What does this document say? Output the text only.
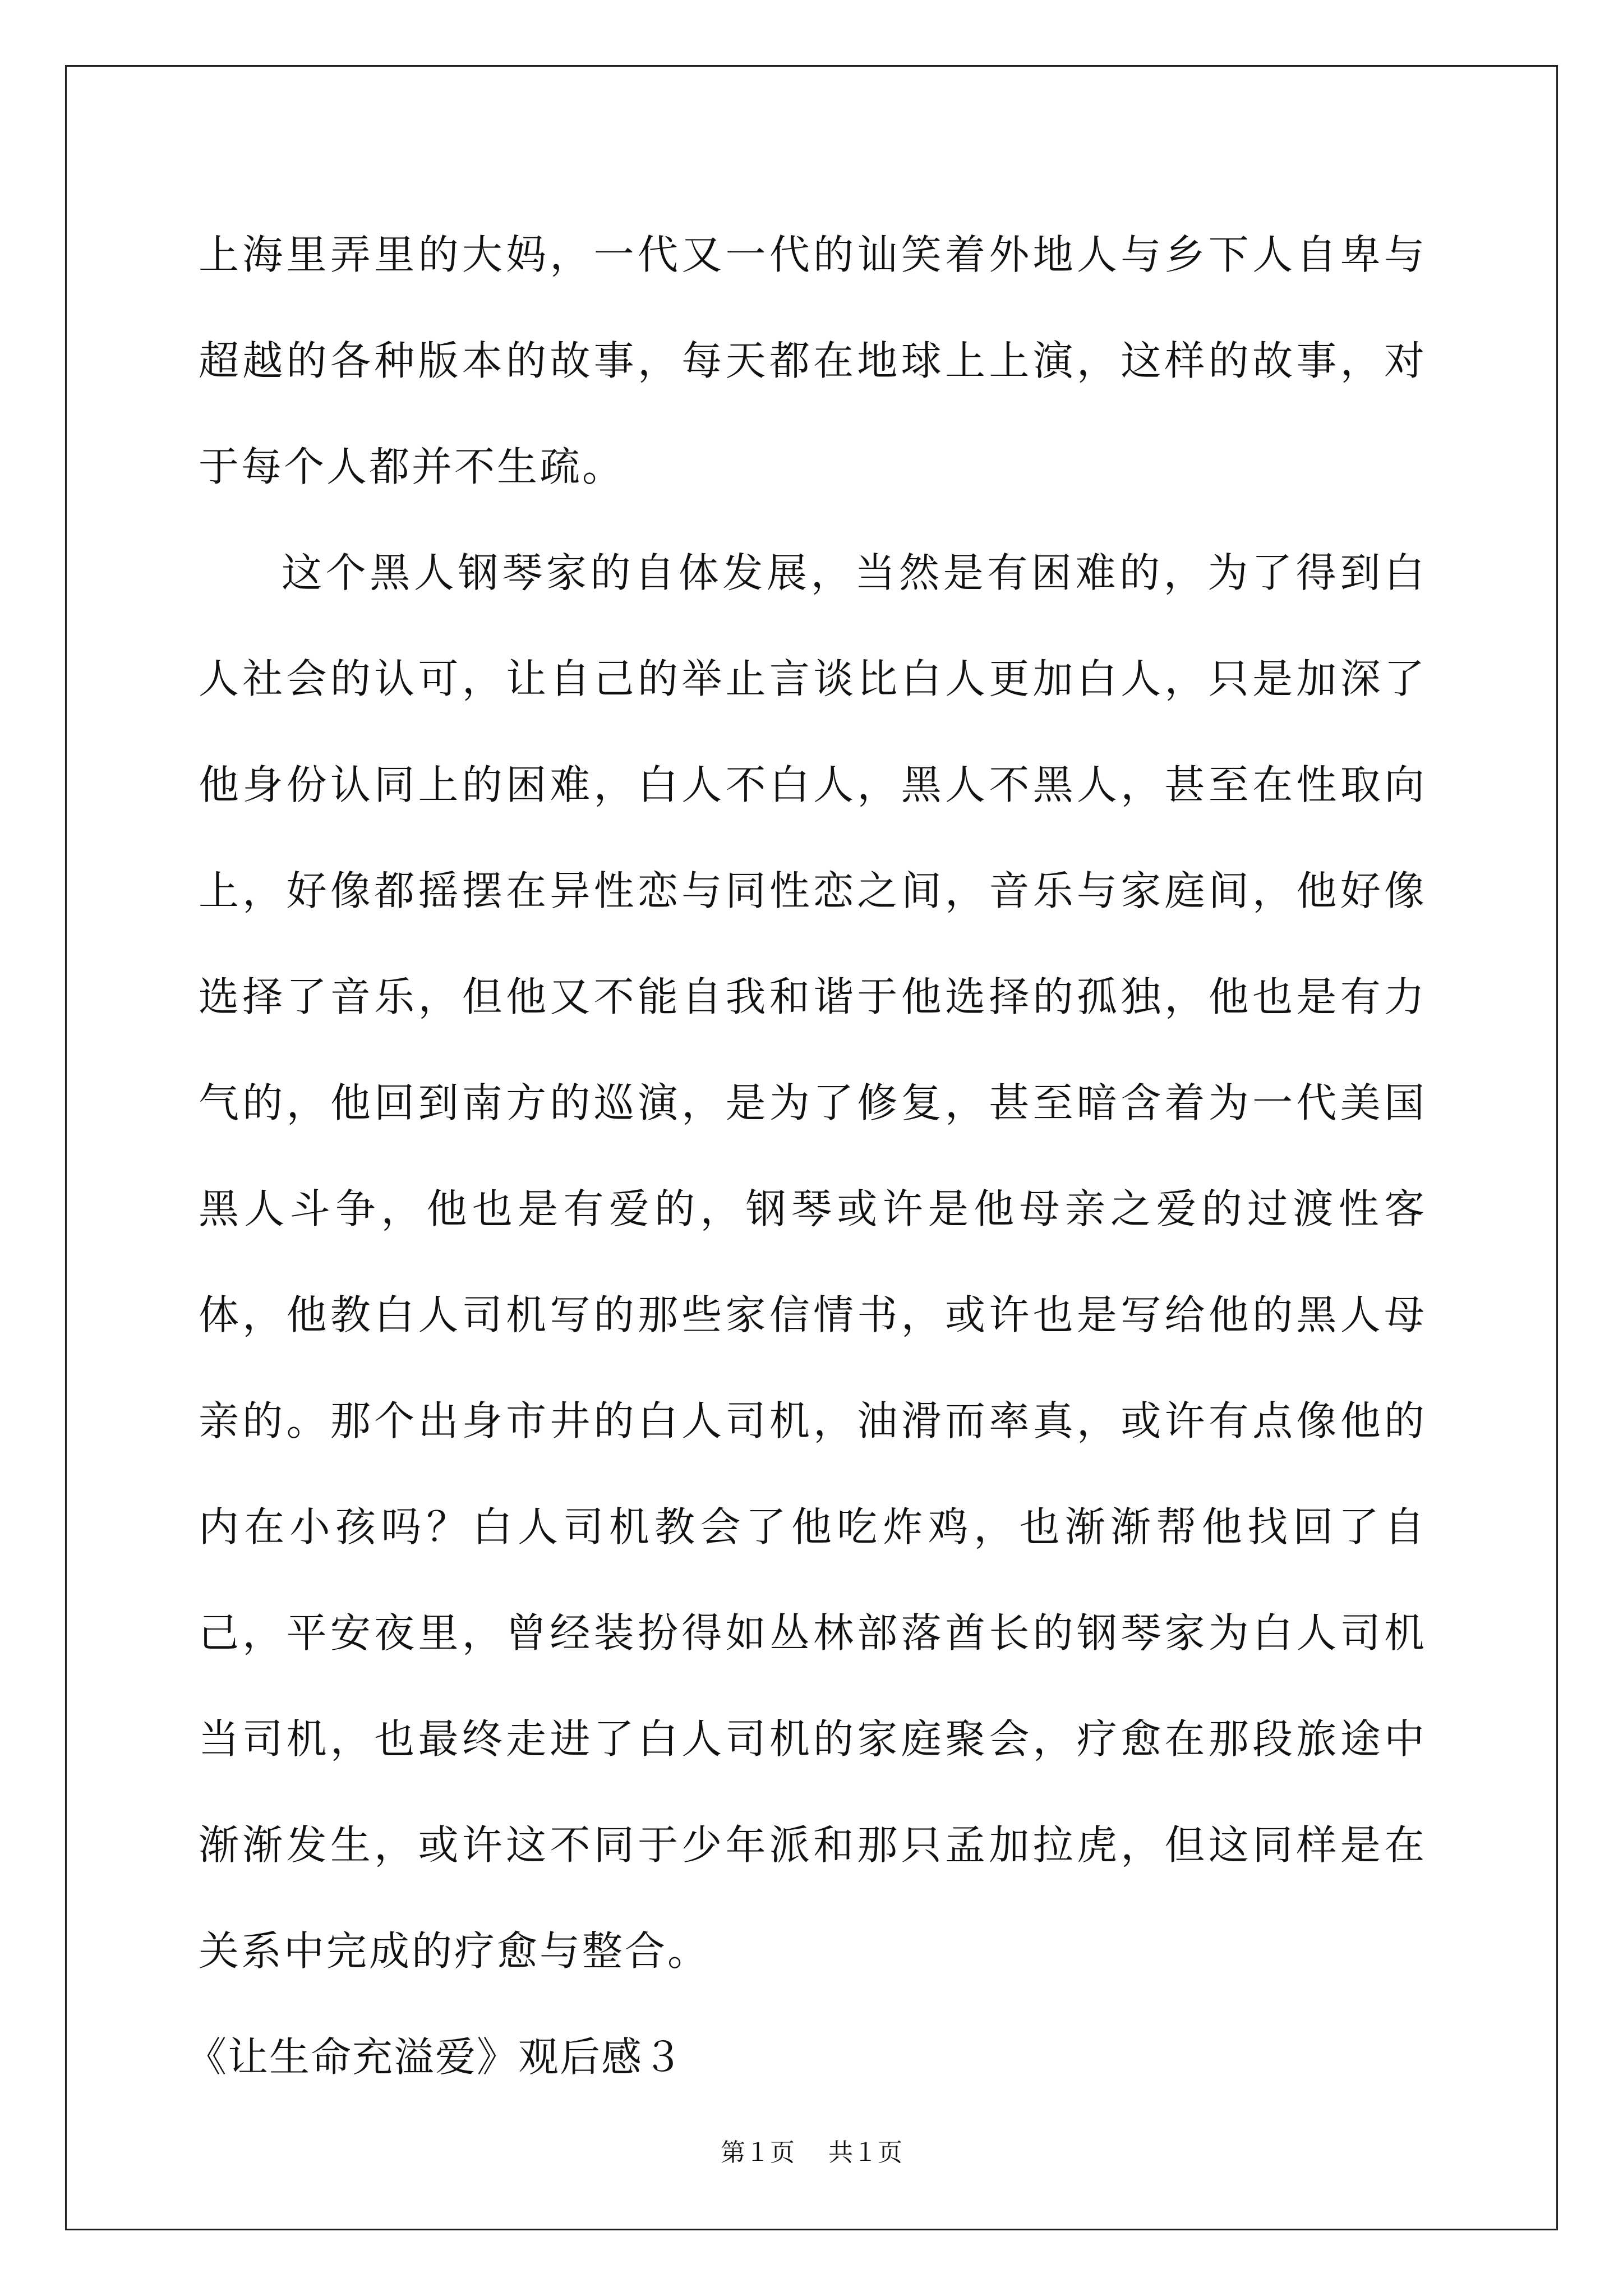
上海里弄里的大妈，一代又一代的讪笑着外地人与乡下人自卑与超越的各种版本的故事，每天都在地球上上演，这样的故事，对于每个人都并不生疏。

这个黑人钢琴家的自体发展，当然是有困难的，为了得到白人社会的认可，让自己的举止言谈比白人更加白人，只是加深了他身份认同上的困难，白人不白人，黑人不黑人，甚至在性取向上，好像都摇摆在异性恋与同性恋之间，音乐与家庭间，他好像选择了音乐，但他又不能自我和谐于他选择的孤独，他也是有力气的，他回到南方的巡演，是为了修复，甚至暗含着为一代美国黑人斗争，他也是有爱的，钢琴或许是他母亲之爱的过渡性客体，他教白人司机写的那些家信情书，或许也是写给他的黑人母亲的。那个出身市井的白人司机，油滑而率真，或许有点像他的内在小孩吗？白人司机教会了他吃炸鸡，也渐渐帮他找回了自己，平安夜里，曾经装扮得如丛林部落酋长的钢琴家为白人司机当司机，也最终走进了白人司机的家庭聚会，疗愈在那段旅途中渐渐发生，或许这不同于少年派和那只孟加拉虎，但这同样是在关系中完成的疗愈与整合。

《让生命充溢爱》观后感３

第１页 共１页
